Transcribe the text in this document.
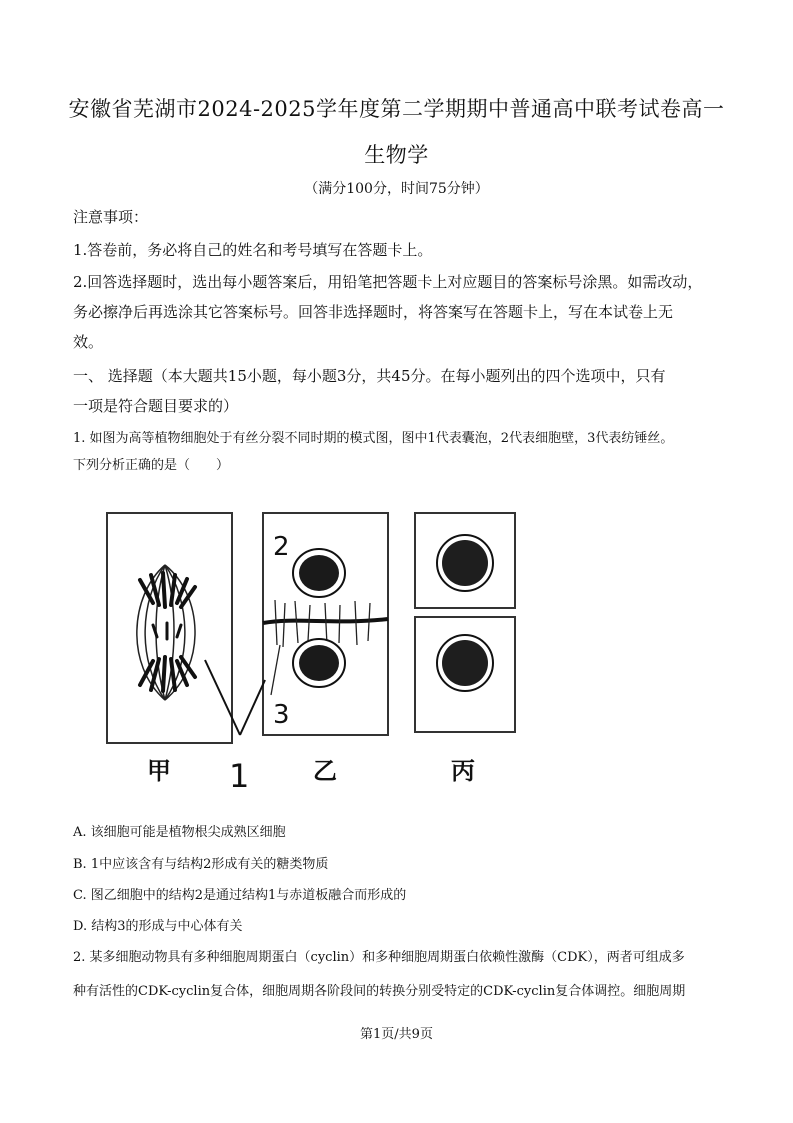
安徽省芜湖市2024-2025学年度第二学期期中普通高中联考试卷高一
生物学
（满分100分，时间75分钟）
注意事项：
1.答卷前，务必将自己的姓名和考号填写在答题卡上。
2.回答选择题时，选出每小题答案后，用铅笔把答题卡上对应题目的答案标号涂黑。如需改动，
务必擦净后再选涂其它答案标号。回答非选择题时，将答案写在答题卡上，写在本试卷上无
效。
一、 选择题（本大题共15小题，每小题3分，共45分。在每小题列出的四个选项中，只有
一项是符合题目要求的）
1. 如图为高等植物细胞处于有丝分裂不同时期的模式图，图中1代表囊泡，2代表细胞壁，3代表纺锤丝。
下列分析正确的是（　　）
2
3
1
甲	乙	丙
A. 该细胞可能是植物根尖成熟区细胞
B. 1中应该含有与结构2形成有关的糖类物质
C. 图乙细胞中的结构2是通过结构1与赤道板融合而形成的
D. 结构3的形成与中心体有关
2. 某多细胞动物具有多种细胞周期蛋白（cyclin）和多种细胞周期蛋白依赖性激酶（CDK），两者可组成多
种有活性的CDK-cyclin复合体，细胞周期各阶段间的转换分别受特定的CDK-cyclin复合体调控。细胞周期
第1页/共9页
